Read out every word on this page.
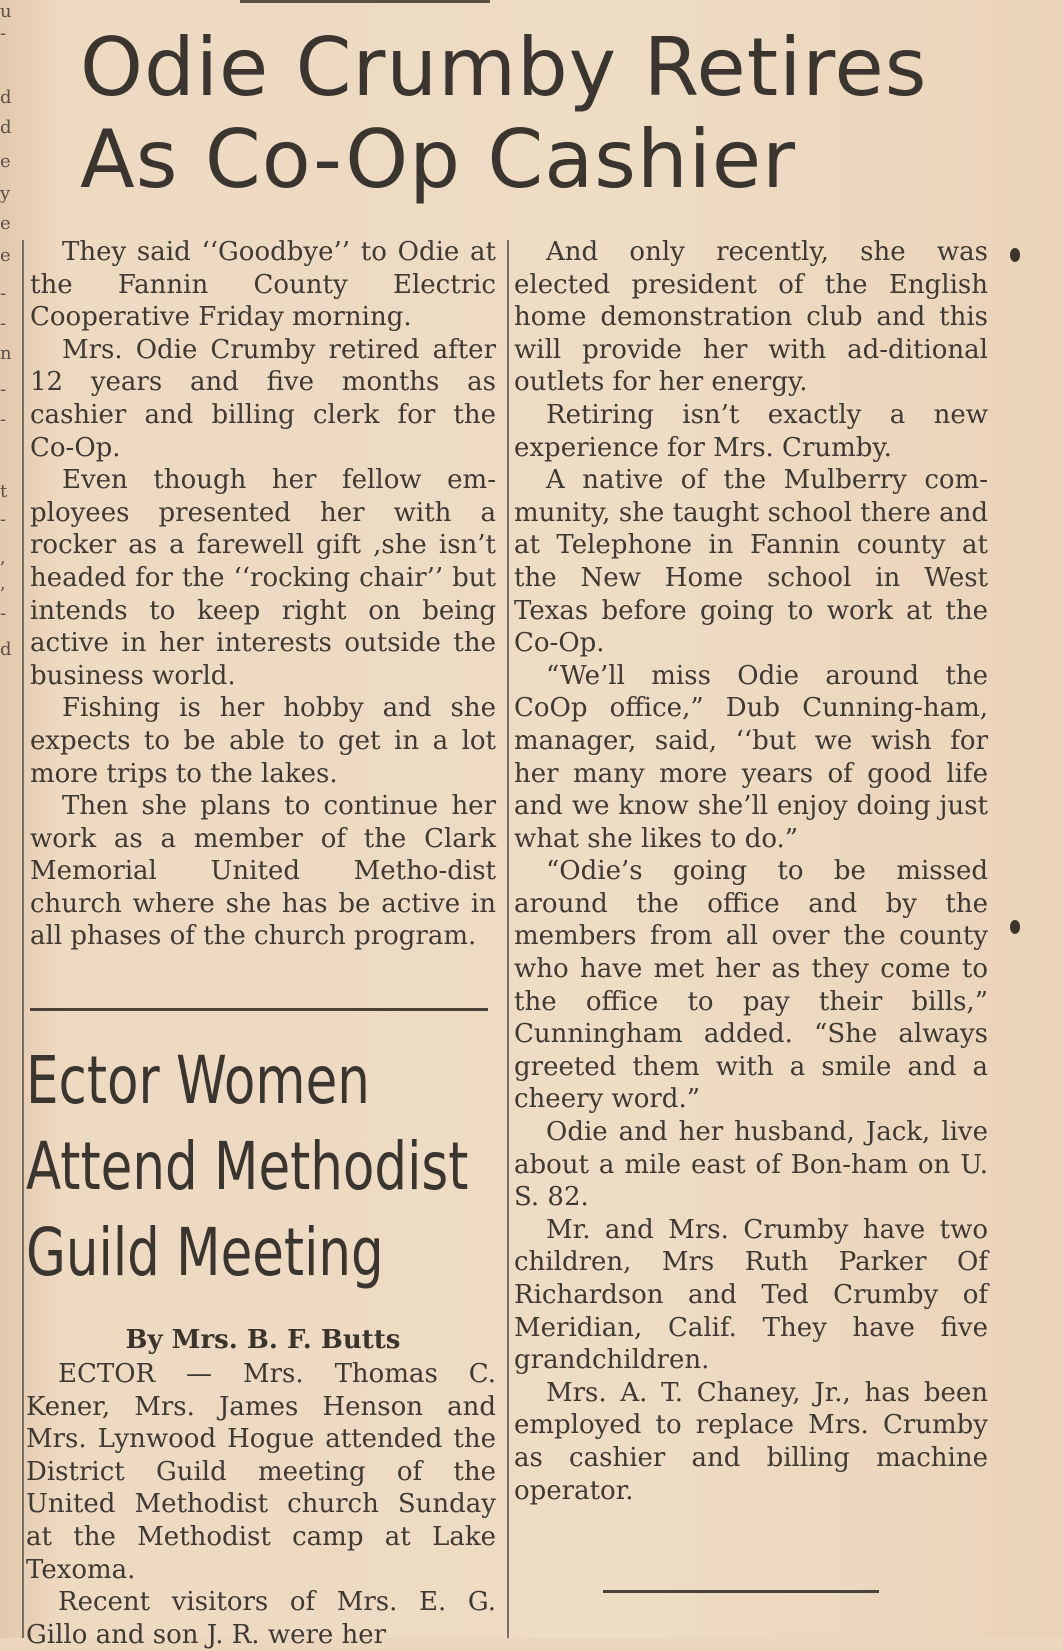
u
-
d
d
e
y
e
e
-
-
n
-
-
t
-
,
,
-
d
Odie Crumby Retires
As Co-Op Cashier

They said ‘‘Goodbye’’ to Odie at the Fannin County Electric Cooperative Friday morning.

Mrs. Odie Crumby retired after 12 years and five months as cashier and billing clerk for the Co-Op.

Even though her fellow em-ployees presented her with a rocker as a farewell gift ,she isn’t headed for the ‘‘rocking chair’’ but intends to keep right on being active in her interests outside the business world.

Fishing is her hobby and she expects to be able to get in a lot more trips to the lakes.

Then she plans to continue her work as a member of the Clark Memorial United Metho-dist church where she has be active in all phases of the church program.

And only recently, she was elected president of the English home demonstration club and this will provide her with ad-ditional outlets for her energy.

Retiring isn’t exactly a new experience for Mrs. Crumby.

A native of the Mulberry com-munity, she taught school there and at Telephone in Fannin county at the New Home school in West Texas before going to work at the Co-Op.

“We’ll miss Odie around the CoOp office,” Dub Cunning-ham, manager, said, ‘‘but we wish for her many more years of good life and we know she’ll enjoy doing just what she likes to do.”

“Odie’s going to be missed around the office and by the members from all over the county who have met her as they come to the office to pay their bills,” Cunningham added. “She always greeted them with a smile and a cheery word.”

Odie and her husband, Jack, live about a mile east of Bon-ham on U. S. 82.

Mr. and Mrs. Crumby have two children, Mrs Ruth Parker Of Richardson and Ted Crumby of Meridian, Calif. They have five grandchildren.

Mrs. A. T. Chaney, Jr., has been employed to replace Mrs. Crumby as cashier and billing machine operator.

Ector Women
Attend Methodist
Guild Meeting
By Mrs. B. F. Butts

ECTOR — Mrs. Thomas C. Kener, Mrs. James Henson and Mrs. Lynwood Hogue attended the District Guild meeting of the United Methodist church Sunday at the Methodist camp at Lake Texoma.

Recent visitors of Mrs. E. G. Gillo and son J. R. were her
